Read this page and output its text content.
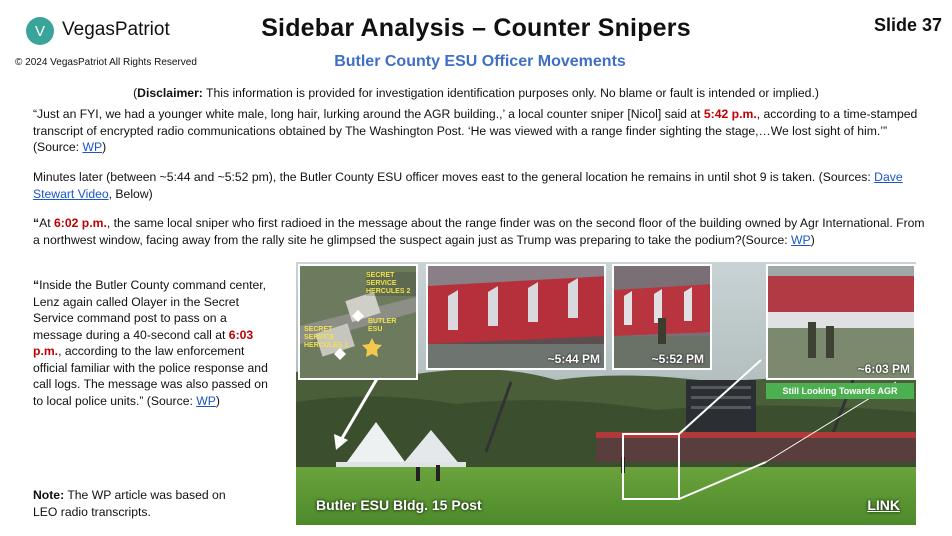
V VegasPatriot
© 2024 VegasPatriot All Rights Reserved
Sidebar Analysis – Counter Snipers	Slide 37
Butler County ESU Officer Movements
(Disclaimer: This information is provided for investigation identification purposes only. No blame or fault is intended or implied.)
“Just an FYI, we had a younger white male, long hair, lurking around the AGR building.,’ a local counter sniper [Nicol] said at 5:42 p.m., according to a time-stamped transcript of encrypted radio communications obtained by The Washington Post. ‘He was viewed with a range finder sighting the stage,…We lost sight of him.’” (Source: WP)
Minutes later (between ~5:44 and ~5:52 pm), the Butler County ESU officer moves east to the general location he remains in until shot 9 is taken. (Sources: Dave Stewart Video, Below)
“At 6:02 p.m., the same local sniper who first radioed in the message about the range finder was on the second floor of the building owned by Agr International. From a northwest window, facing away from the rally site he glimpsed the suspect again just as Trump was preparing to take the podium?(Source: WP)
“Inside the Butler County command center, Lenz again called Olayer in the Secret Service command post to pass on a message during a 40-second call at 6:03 p.m., according to the law enforcement official familiar with the police response and call logs. The message was also passed on to local police units.” (Source: WP)
Note: The WP article was based on LEO radio transcripts.
SECRET SERVICE HERCULES 2
BUTLER ESU
SECRET SERVICE HERCULES 1
~5:44 PM	~5:52 PM
~6:03 PM
Still Looking Towards AGR
Butler ESU Bldg. 15 Post	LINK
